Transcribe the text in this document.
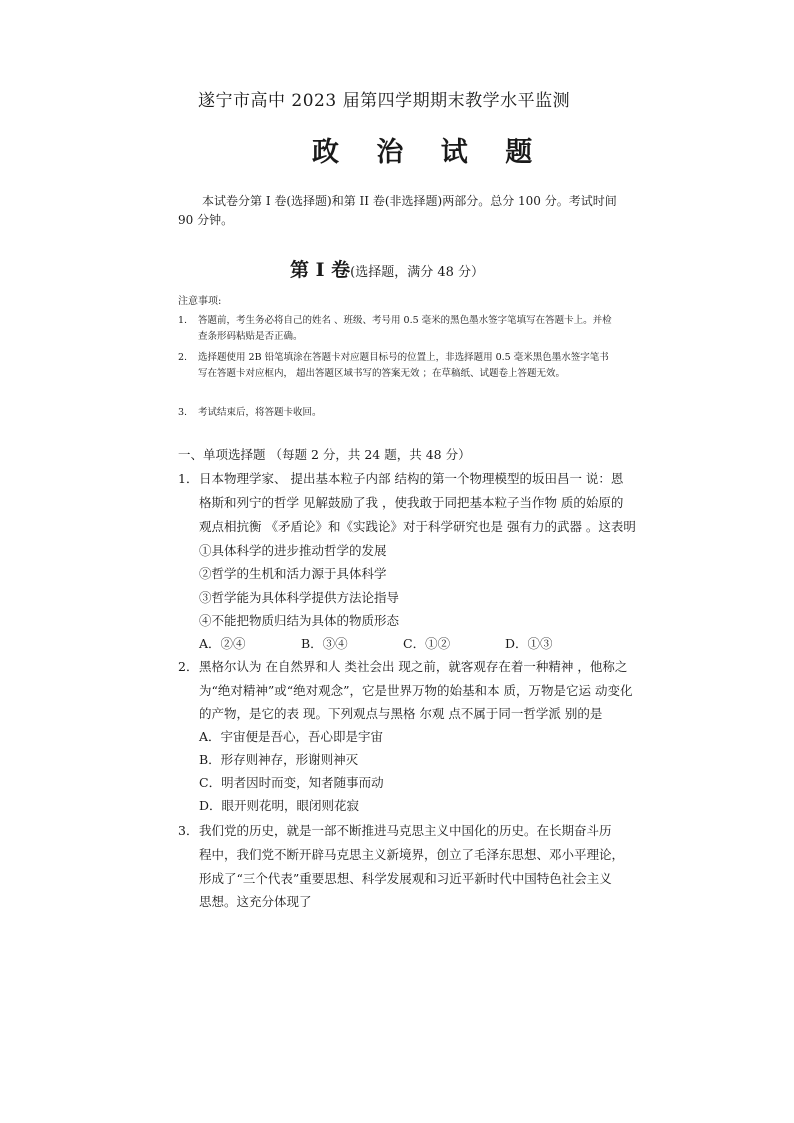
遂宁市高中 2023 届第四学期期末教学水平监测
政 治 试 题
本试卷分第 I 卷(选择题)和第 II 卷(非选择题)两部分。总分 100 分。考试时间90 分钟。
第 Ⅰ 卷(选择题，满分 48 分）
注意事项:
1. 答题前，考生务必将自己的姓名 、班级、考号用 0.5 毫米的黑色墨水签字笔填写在答题卡上。并检查条形码粘贴是否正确。
2. 选择题使用 2B 铅笔填涂在答题卡对应题目标号的位置上，非选择题用 0.5 毫米黑色墨水签字笔书写在答题卡对应框内， 超出答题区域书写的答案无效 ；在草稿纸、试题卷上答题无效。
3. 考试结束后，将答题卡收回。
一、单项选择题 （每题 2 分，共 24 题，共 48 分）
1． 日本物理学家、 提出基本粒子内部 结构的第一个物理模型的坂田昌一 说：恩
格斯和列宁的哲学 见解鼓励了我 ，使我敢于同把基本粒子当作物 质的始原的
观点相抗衡 《矛盾论》和《实践论》对于科学研究也是 强有力的武器 。这表明
①具体科学的进步推动哲学的发展
②哲学的生机和活力源于具体科学
③哲学能为具体科学提供方法论指导
④不能把物质归结为具体的物质形态
A．②④	B．③④	C．①②	D．①③
2． 黑格尔认为 在自然界和人 类社会出 现之前，就客观存在着一种精神 ，他称之
为“绝对精神”或“绝对观念”，它是世界万物的始基和本 质，万物是它运 动变化
的产物，是它的表 现。下列观点与黑格 尔观 点不属于同一哲学派 别的是
A．宇宙便是吾心，吾心即是宇宙
B．形存则神存，形谢则神灭
C．明者因时而变，知者随事而动
D．眼开则花明，眼闭则花寂
3． 我们党的历史，就是一部不断推进马克思主义中国化的历史。在长期奋斗历
程中，我们党不断开辟马克思主义新境界，创立了毛泽东思想、邓小平理论，
形成了“三个代表”重要思想、科学发展观和习近平新时代中国特色社会主义
思想。这充分体现了
